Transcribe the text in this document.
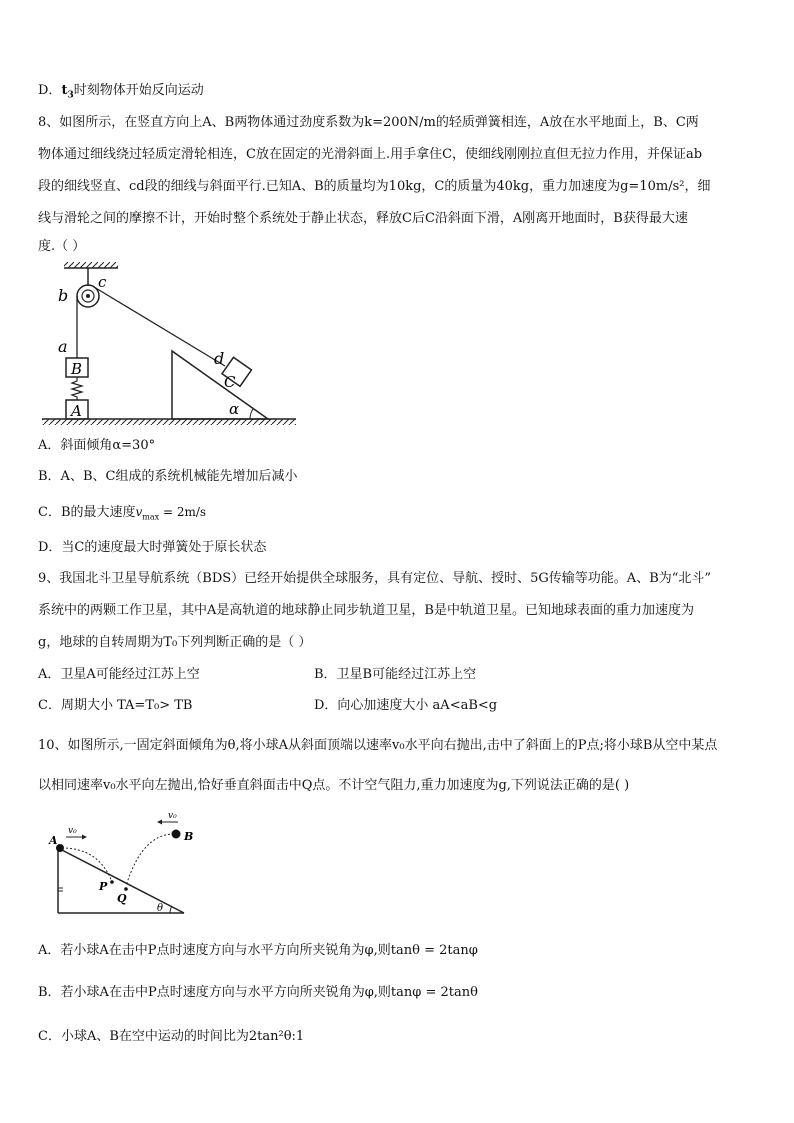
D．$t_3$时刻物体开始反向运动
8、如图所示，在竖直方向上A、B两物体通过劲度系数为k=200N/m的轻质弹簧相连，A放在水平地面上，B、C两
物体通过细线绕过轻质定滑轮相连，C放在固定的光滑斜面上.用手拿住C，使细线刚刚拉直但无拉力作用，并保证ab
段的细线竖直、cd段的细线与斜面平行.已知A、B的质量均为10kg，C的质量为40kg，重力加速度为g=10m/s²，细
线与滑轮之间的摩擦不计，开始时整个系统处于静止状态，释放C后C沿斜面下滑，A刚离开地面时，B获得最大速
度.（ ）
b
c
a
B
A
d
C
α
A．斜面倾角α=30°
B．A、B、C组成的系统机械能先增加后减小
C．B的最大速度$v_{max} = 2m/s$
D．当C的速度最大时弹簧处于原长状态
9、我国北斗卫星导航系统（BDS）已经开始提供全球服务，具有定位、导航、授时、5G传输等功能。A、B为“北斗”
系统中的两颗工作卫星，其中A是高轨道的地球静止同步轨道卫星，B是中轨道卫星。已知地球表面的重力加速度为
g，地球的自转周期为T₀下列判断正确的是（ ）
A．卫星A可能经过江苏上空	B．卫星B可能经过江苏上空
C．周期大小 TA=T₀> TB	D．向心加速度大小 aA<aB<g
10、如图所示,一固定斜面倾角为θ,将小球A从斜面顶端以速率v₀水平向右抛出,击中了斜面上的P点;将小球B从空中某点
以相同速率v₀水平向左抛出,恰好垂直斜面击中Q点。不计空气阻力,重力加速度为g,下列说法正确的是( )
A	B
P
Q
v₀
v₀
θ
A．若小球A在击中P点时速度方向与水平方向所夹锐角为φ,则tanθ = 2tanφ
B．若小球A在击中P点时速度方向与水平方向所夹锐角为φ,则tanφ = 2tanθ
C．小球A、B在空中运动的时间比为2tan²θ:1
